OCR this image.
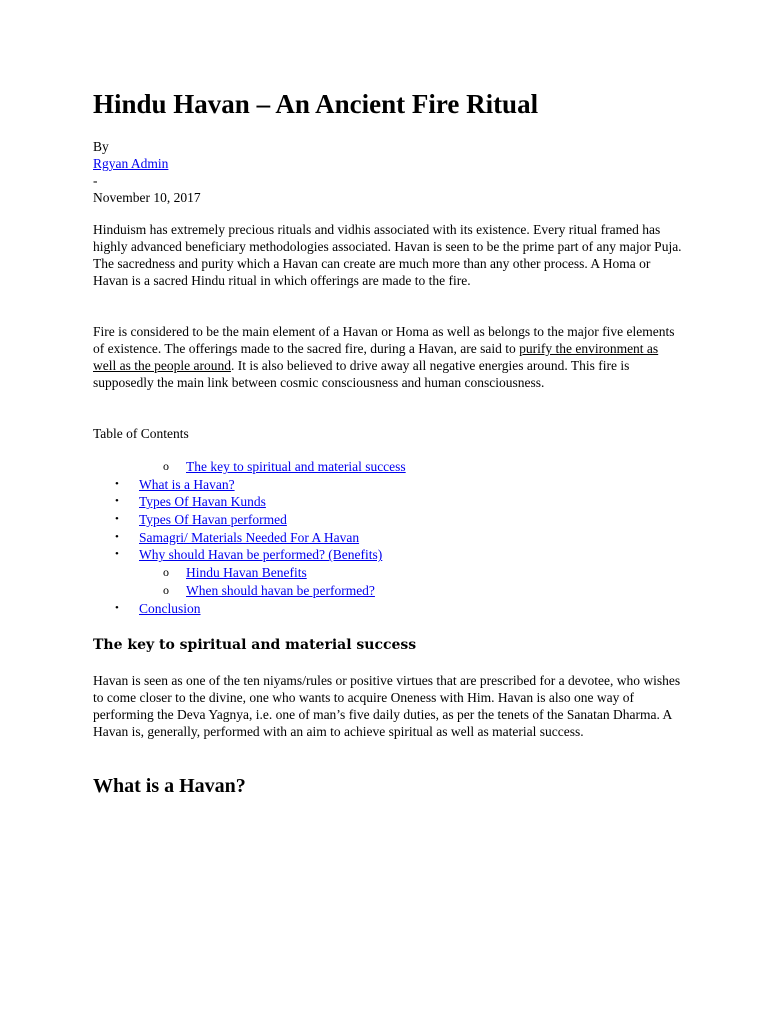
Hindu Havan – An Ancient Fire Ritual
By
Rgyan Admin
-
November 10, 2017

Hinduism has extremely precious rituals and vidhis associated with its existence. Every ritual framed has highly advanced beneficiary methodologies associated. Havan is seen to be the prime part of any major Puja. The sacredness and purity which a Havan can create are much more than any other process. A Homa or Havan is a sacred Hindu ritual in which offerings are made to the fire.

Fire is considered to be the main element of a Havan or Homa as well as belongs to the major five elements of existence. The offerings made to the sacred fire, during a Havan, are said to purify the environment as well as the people around. It is also believed to drive away all negative energies around. This fire is supposedly the main link between cosmic consciousness and human consciousness.

Table of Contents
o The key to spiritual and material success
• What is a Havan?
• Types Of Havan Kunds
• Types Of Havan performed
• Samagri/ Materials Needed For A Havan
• Why should Havan be performed? (Benefits)
o Hindu Havan Benefits
o When should havan be performed?
• Conclusion
The key to spiritual and material success

Havan is seen as one of the ten niyams/rules or positive virtues that are prescribed for a devotee, who wishes to come closer to the divine, one who wants to acquire Oneness with Him. Havan is also one way of performing the Deva Yagnya, i.e. one of man’s five daily duties, as per the tenets of the Sanatan Dharma. A Havan is, generally, performed with an aim to achieve spiritual as well as material success.

What is a Havan?
